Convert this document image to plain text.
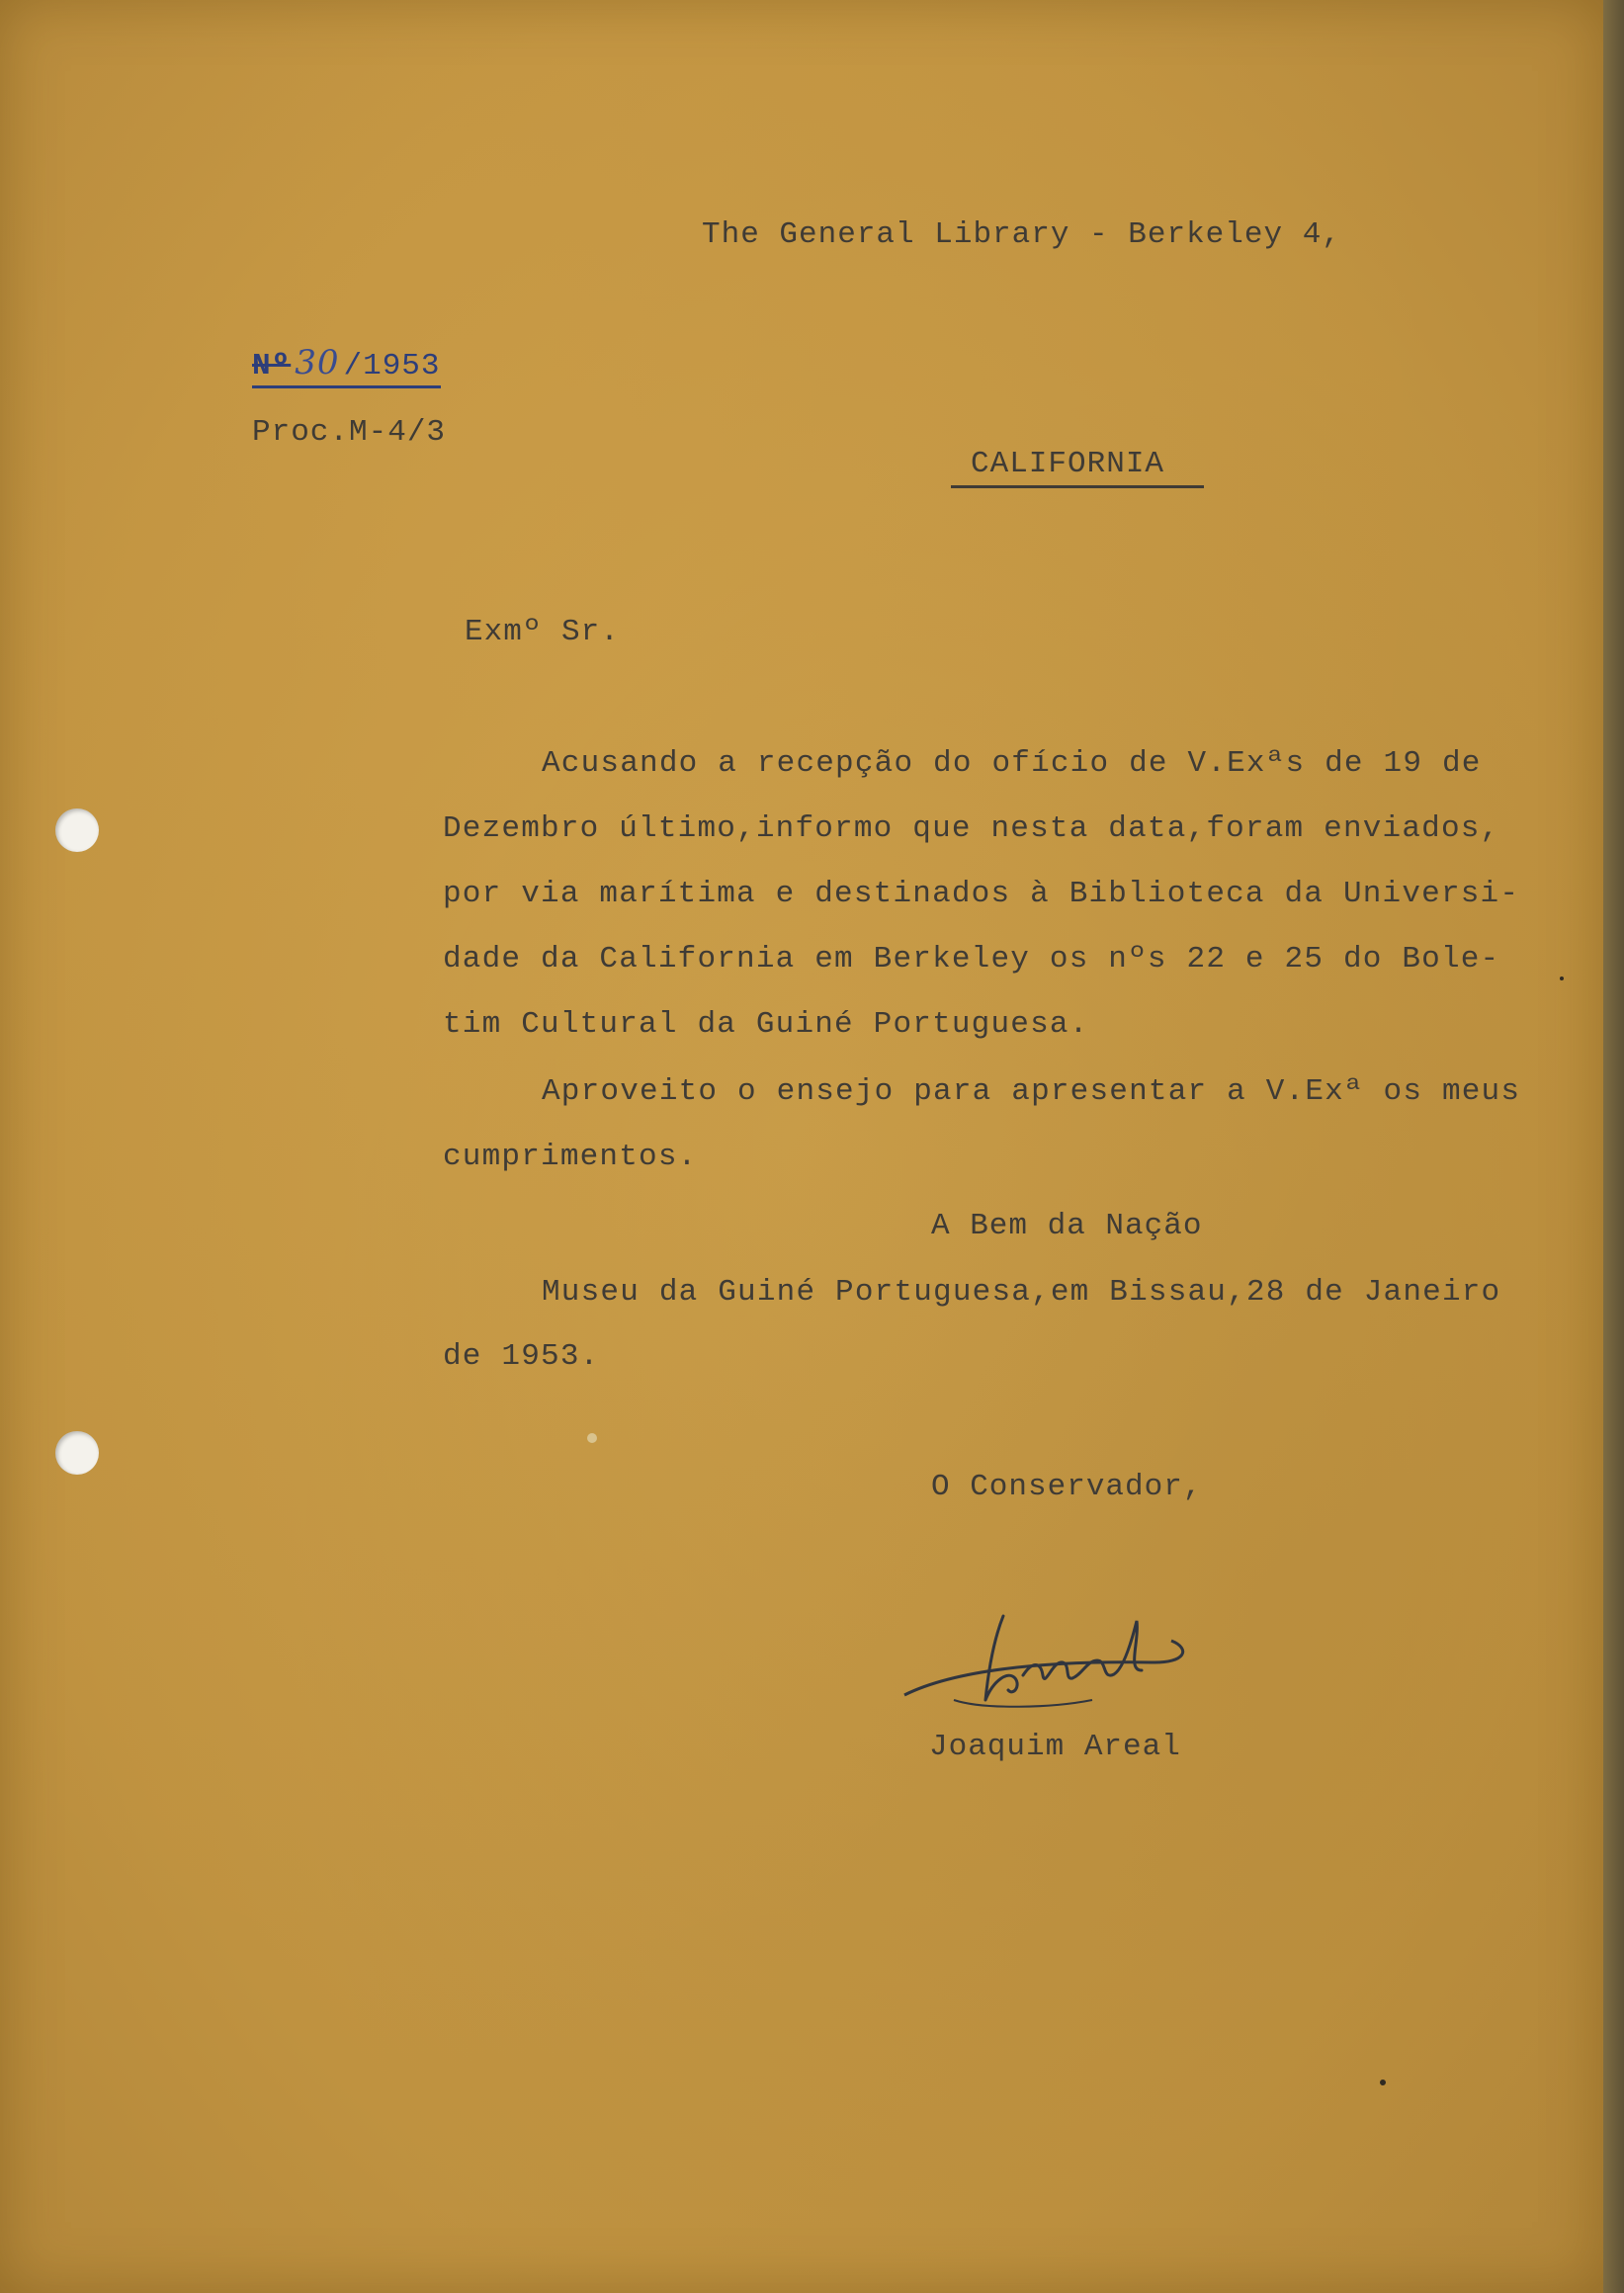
The General Library - Berkeley 4,
Nº 30 /1953
Proc.M-4/3
CALIFORNIA
Exmº Sr.
Acusando a recepção do ofício de V.Exªs de 19 de
Dezembro último,informo que nesta data,foram enviados,
por via marítima e destinados à Biblioteca da Universi-
dade da California em Berkeley os nºs 22 e 25 do Bole-
tim Cultural da Guiné Portuguesa.
Aproveito o ensejo para apresentar a V.Exª os meus
cumprimentos.
A Bem da Nação
Museu da Guiné Portuguesa,em Bissau,28 de Janeiro
de 1953.
O Conservador,
Joaquim Areal
